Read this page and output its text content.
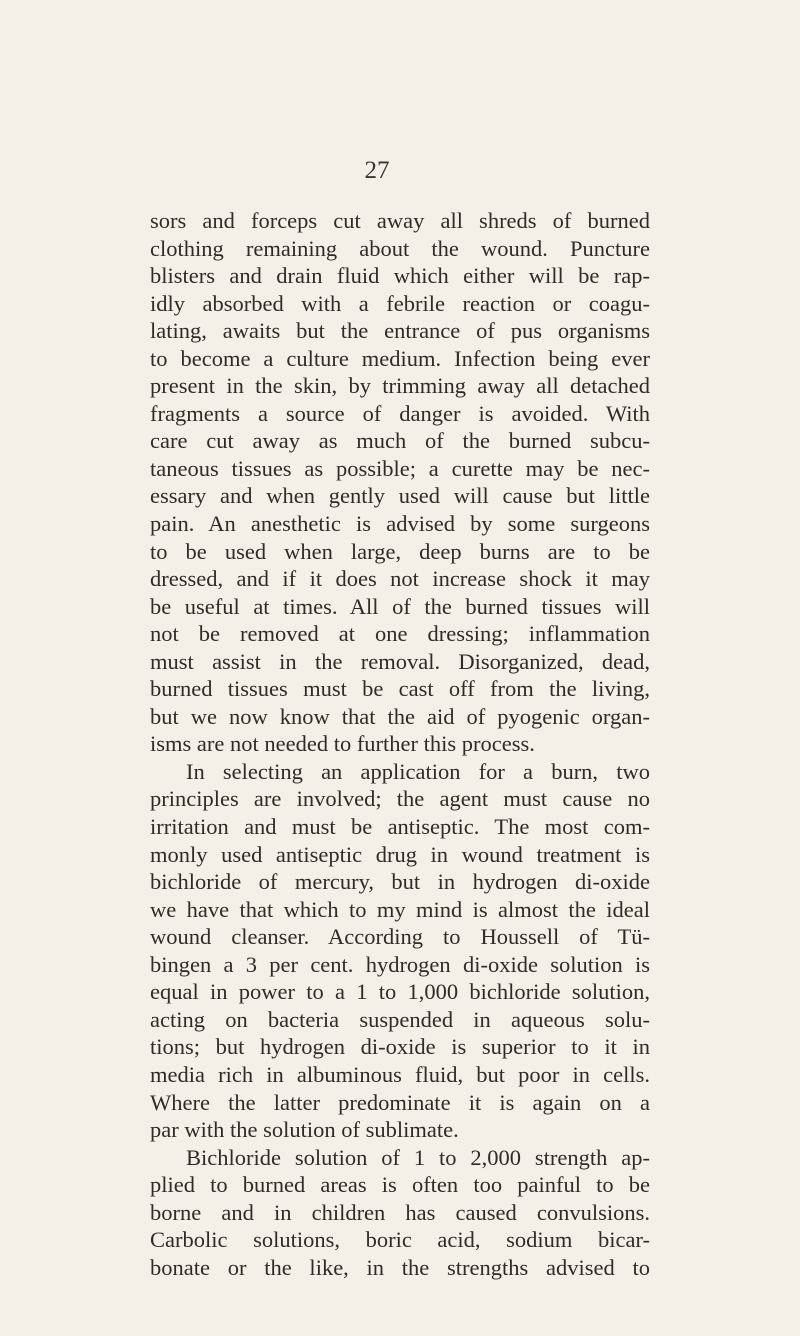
27
sors and forceps cut away all shreds of burned
clothing remaining about the wound. Puncture
blisters and drain fluid which either will be rap-
idly absorbed with a febrile reaction or coagu-
lating, awaits but the entrance of pus organisms
to become a culture medium. Infection being ever
present in the skin, by trimming away all detached
fragments a source of danger is avoided. With
care cut away as much of the burned subcu-
taneous tissues as possible; a curette may be nec-
essary and when gently used will cause but little
pain. An anesthetic is advised by some surgeons
to be used when large, deep burns are to be
dressed, and if it does not increase shock it may
be useful at times. All of the burned tissues will
not be removed at one dressing; inflammation
must assist in the removal. Disorganized, dead,
burned tissues must be cast off from the living,
but we now know that the aid of pyogenic organ-
isms are not needed to further this process.
In selecting an application for a burn, two
principles are involved; the agent must cause no
irritation and must be antiseptic. The most com-
monly used antiseptic drug in wound treatment is
bichloride of mercury, but in hydrogen di-oxide
we have that which to my mind is almost the ideal
wound cleanser. According to Houssell of Tü-
bingen a 3 per cent. hydrogen di-oxide solution is
equal in power to a 1 to 1,000 bichloride solution,
acting on bacteria suspended in aqueous solu-
tions; but hydrogen di-oxide is superior to it in
media rich in albuminous fluid, but poor in cells.
Where the latter predominate it is again on a
par with the solution of sublimate.
Bichloride solution of 1 to 2,000 strength ap-
plied to burned areas is often too painful to be
borne and in children has caused convulsions.
Carbolic solutions, boric acid, sodium bicar-
bonate or the like, in the strengths advised to
